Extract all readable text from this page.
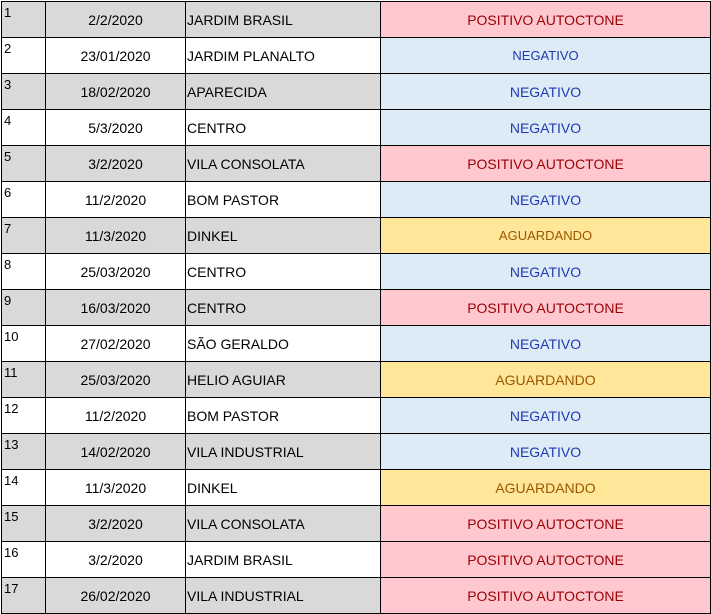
1	2/2/2020	JARDIM BRASIL	POSITIVO AUTOCTONE
2	23/01/2020	JARDIM PLANALTO	NEGATIVO
3	18/02/2020	APARECIDA	NEGATIVO
4	5/3/2020	CENTRO	NEGATIVO
5	3/2/2020	VILA CONSOLATA	POSITIVO AUTOCTONE
6	11/2/2020	BOM PASTOR	NEGATIVO
7	11/3/2020	DINKEL	AGUARDANDO
8	25/03/2020	CENTRO	NEGATIVO
9	16/03/2020	CENTRO	POSITIVO AUTOCTONE
10	27/02/2020	SÃO GERALDO	NEGATIVO
11	25/03/2020	HELIO AGUIAR	AGUARDANDO
12	11/2/2020	BOM PASTOR	NEGATIVO
13	14/02/2020	VILA INDUSTRIAL	NEGATIVO
14	11/3/2020	DINKEL	AGUARDANDO
15	3/2/2020	VILA CONSOLATA	POSITIVO AUTOCTONE
16	3/2/2020	JARDIM BRASIL	POSITIVO AUTOCTONE
17	26/02/2020	VILA INDUSTRIAL	POSITIVO AUTOCTONE
